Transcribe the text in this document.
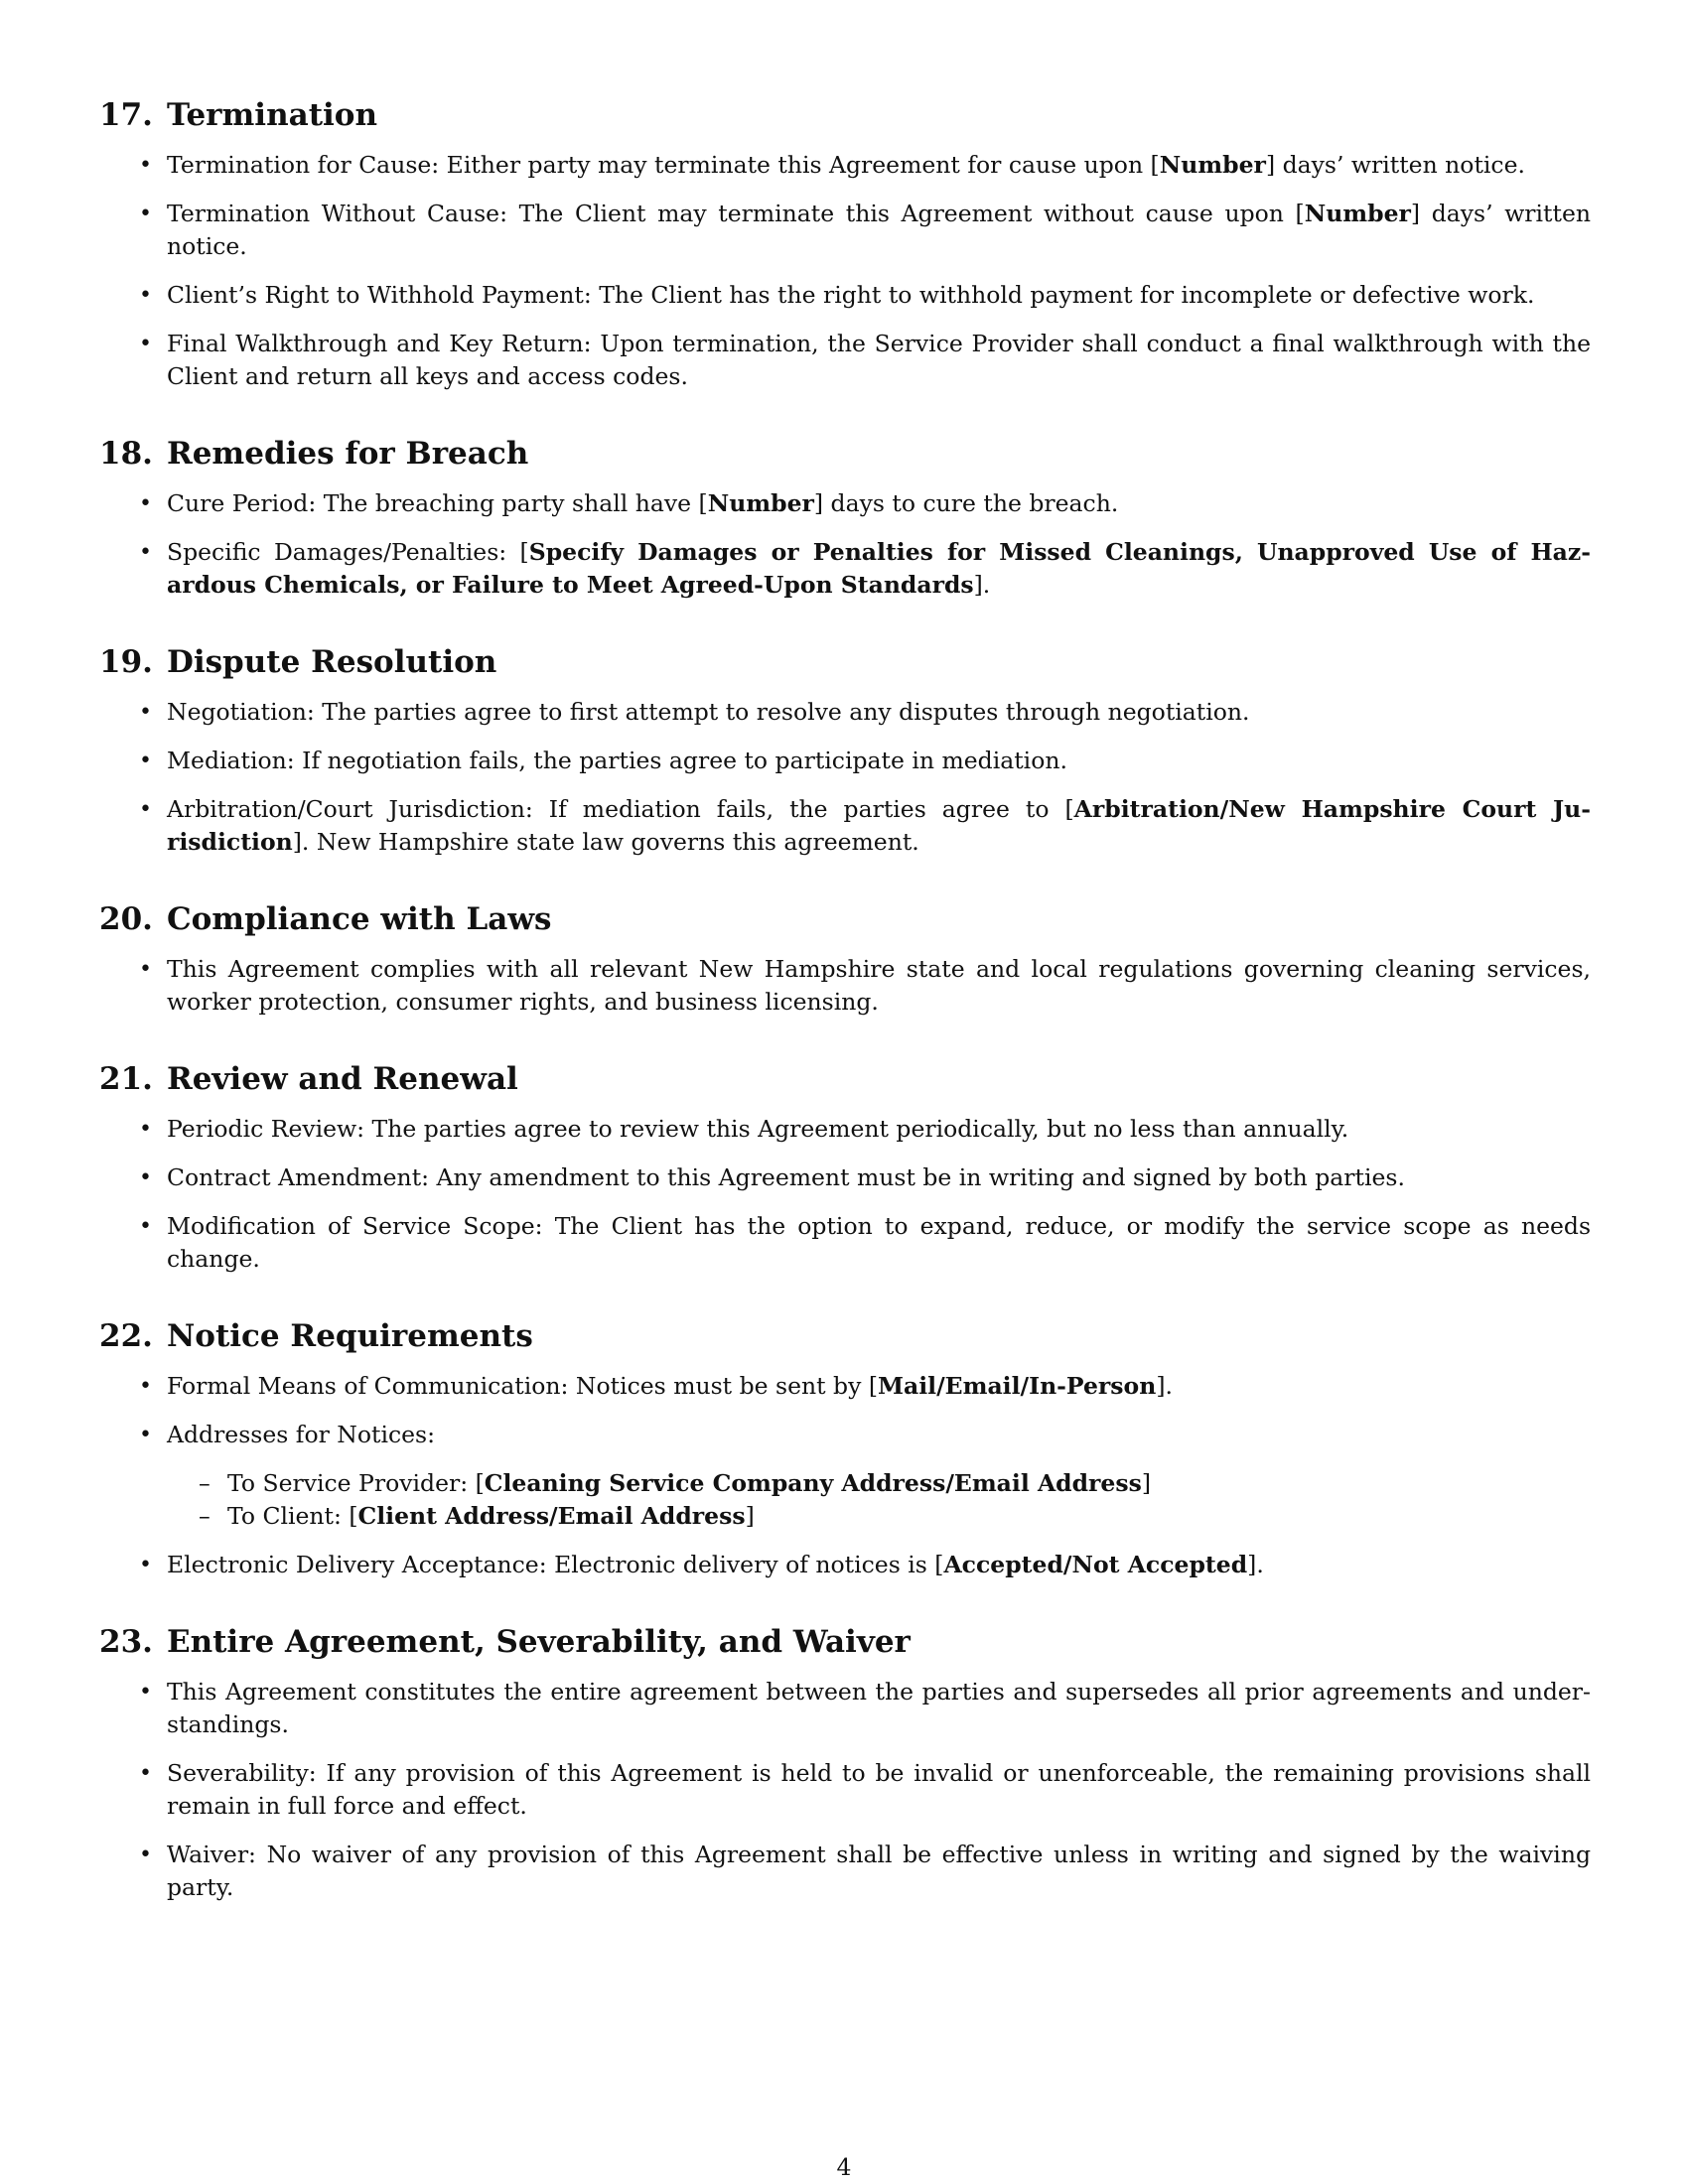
17. Termination
• Termination for Cause: Either party may terminate this Agreement for cause upon [Number] days’ written notice.
• Termination Without Cause: The Client may terminate this Agreement without cause upon [Number] days’ written notice.
• Client’s Right to Withhold Payment: The Client has the right to withhold payment for incomplete or defective work.
• Final Walkthrough and Key Return: Upon termination, the Service Provider shall conduct a final walkthrough with the Client and return all keys and access codes.
18. Remedies for Breach
• Cure Period: The breaching party shall have [Number] days to cure the breach.
• Specific Damages/Penalties: [Specify Damages or Penalties for Missed Cleanings, Unapproved Use of Hazardous Chemicals, or Failure to Meet Agreed-Upon Standards].
19. Dispute Resolution
• Negotiation: The parties agree to first attempt to resolve any disputes through negotiation.
• Mediation: If negotiation fails, the parties agree to participate in mediation.
• Arbitration/Court Jurisdiction: If mediation fails, the parties agree to [Arbitration/New Hampshire Court Jurisdiction]. New Hampshire state law governs this agreement.
20. Compliance with Laws
• This Agreement complies with all relevant New Hampshire state and local regulations governing cleaning services, worker protection, consumer rights, and business licensing.
21. Review and Renewal
• Periodic Review: The parties agree to review this Agreement periodically, but no less than annually.
• Contract Amendment: Any amendment to this Agreement must be in writing and signed by both parties.
• Modification of Service Scope: The Client has the option to expand, reduce, or modify the service scope as needs change.
22. Notice Requirements
• Formal Means of Communication: Notices must be sent by [Mail/Email/In-Person].
• Addresses for Notices:
– To Service Provider: [Cleaning Service Company Address/Email Address]
– To Client: [Client Address/Email Address]
• Electronic Delivery Acceptance: Electronic delivery of notices is [Accepted/Not Accepted].
23. Entire Agreement, Severability, and Waiver
• This Agreement constitutes the entire agreement between the parties and supersedes all prior agreements and understandings.
• Severability: If any provision of this Agreement is held to be invalid or unenforceable, the remaining provisions shall remain in full force and effect.
• Waiver: No waiver of any provision of this Agreement shall be effective unless in writing and signed by the waiving party.
4
